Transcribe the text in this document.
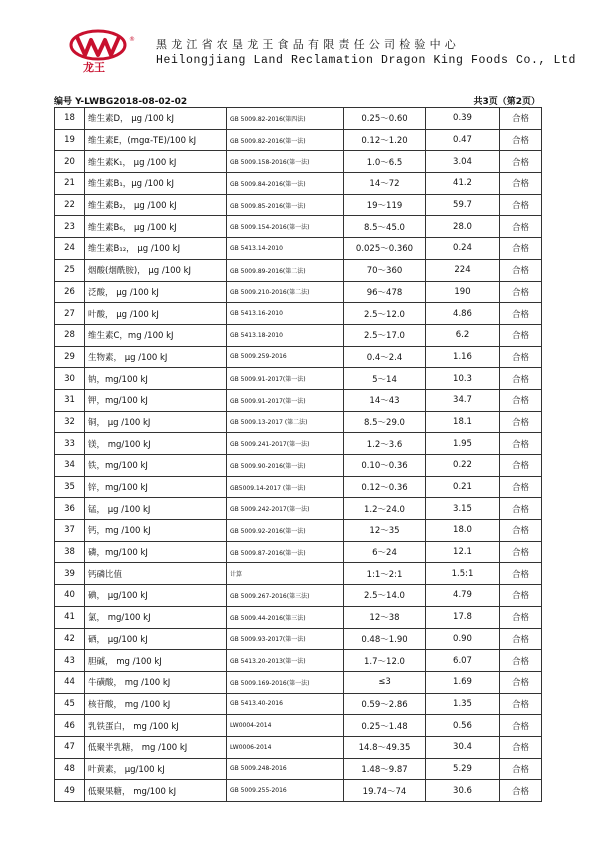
龙王
® 黑龙江省农垦龙王食品有限责任公司检验中心
Heilongjiang Land Reclamation Dragon King Foods Co., Ltd
编号 Y-LWBG2018-08-02-02	共3页（第2页）
18	维生素D， μg /100 kJ	GB 5009.82-2016(第四法)	0.25～0.60	0.39	合格
19	维生素E，(mgα-TE)/100 kJ	GB 5009.82-2016(第一法)	0.12～1.20	0.47	合格
20	维生素K₁， μg /100 kJ	GB 5009.158-2016(第一法)	1.0～6.5	3.04	合格
21	维生素B₁，μg /100 kJ	GB 5009.84-2016(第一法)	14～72	41.2	合格
22	维生素B₂， μg /100 kJ	GB 5009.85-2016(第一法)	19～119	59.7	合格
23	维生素B₆， μg /100 kJ	GB 5009.154-2016(第一法)	8.5～45.0	28.0	合格
24	维生素B₁₂， μg /100 kJ	GB 5413.14-2010	0.025～0.360	0.24	合格
25	烟酸(烟酰胺)， μg /100 kJ	GB 5009.89-2016(第二法)	70～360	224	合格
26	泛酸， μg /100 kJ	GB 5009.210-2016(第二法)	96～478	190	合格
27	叶酸， μg /100 kJ	GB 5413.16-2010	2.5～12.0	4.86	合格
28	维生素C，mg /100 kJ	GB 5413.18-2010	2.5～17.0	6.2	合格
29	生物素， μg /100 kJ	GB 5009.259-2016	0.4～2.4	1.16	合格
30	钠，mg/100 kJ	GB 5009.91-2017(第一法)	5～14	10.3	合格
31	钾，mg/100 kJ	GB 5009.91-2017(第一法)	14～43	34.7	合格
32	铜， μg /100 kJ	GB 5009.13-2017 (第二法)	8.5～29.0	18.1	合格
33	镁， mg/100 kJ	GB 5009.241-2017(第一法)	1.2～3.6	1.95	合格
34	铁，mg/100 kJ	GB 5009.90-2016(第一法)	0.10～0.36	0.22	合格
35	锌，mg/100 kJ	GB5009.14-2017 (第一法)	0.12～0.36	0.21	合格
36	锰， μg /100 kJ	GB 5009.242-2017(第一法)	1.2～24.0	3.15	合格
37	钙，mg /100 kJ	GB 5009.92-2016(第一法)	12～35	18.0	合格
38	磷，mg/100 kJ	GB 5009.87-2016(第一法)	6～24	12.1	合格
39	钙磷比值	计算	1:1～2:1	1.5:1	合格
40	碘， μg/100 kJ	GB 5009.267-2016(第三法)	2.5～14.0	4.79	合格
41	氯， mg/100 kJ	GB 5009.44-2016(第三法)	12～38	17.8	合格
42	硒， μg/100 kJ	GB 5009.93-2017(第一法)	0.48～1.90	0.90	合格
43	胆碱， mg /100 kJ	GB 5413.20-2013(第一法)	1.7～12.0	6.07	合格
44	牛磺酸， mg /100 kJ	GB 5009.169-2016(第一法)	≤3	1.69	合格
45	核苷酸， mg /100 kJ	GB 5413.40-2016	0.59～2.86	1.35	合格
46	乳铁蛋白， mg /100 kJ	LW0004-2014	0.25～1.48	0.56	合格
47	低聚半乳糖， mg /100 kJ	LW0006-2014	14.8～49.35	30.4	合格
48	叶黄素， μg/100 kJ	GB 5009.248-2016	1.48～9.87	5.29	合格
49	低聚果糖， mg/100 kJ	GB 5009.255-2016	19.74～74	30.6	合格
